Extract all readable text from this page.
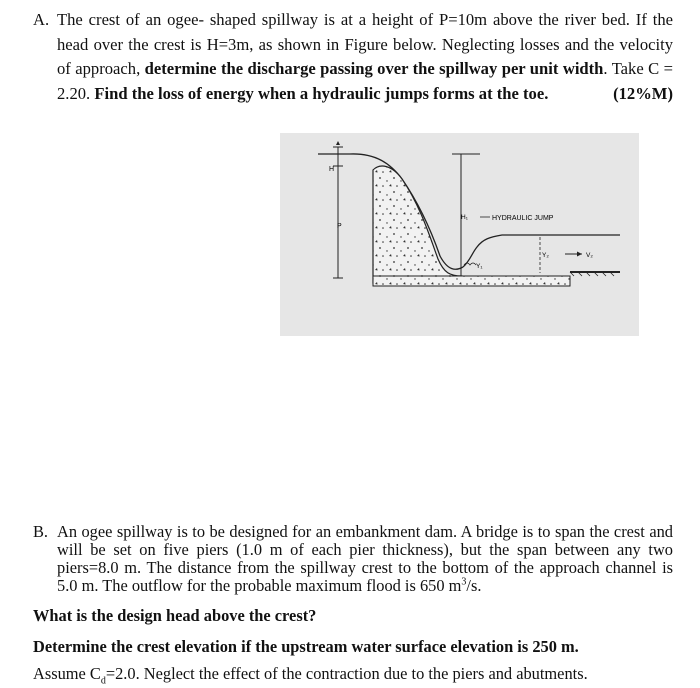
A. The crest of an ogee- shaped spillway is at a height of P=10m above the river bed. If the head over the crest is H=3m, as shown in Figure below. Neglecting losses and the velocity of approach, determine the discharge passing over the spillway per unit width. Take C = 2.20. Find the loss of energy when a hydraulic jumps forms at the toe.	(12%M)
H
P
H₁	HYDRAULIC JUMP
Y₁
Y₂	V₂
B. An ogee spillway is to be designed for an embankment dam. A bridge is to span the crest and will be set on five piers (1.0 m of each pier thickness), but the span between any two piers=8.0 m. The distance from the spillway crest to the bottom of the approach channel is 5.0 m. The outflow for the probable maximum flood is 650 $m^3/s$.
What is the design head above the crest?
Determine the crest elevation if the upstream water surface elevation is 250 m.
Assume $C_d=2.0$. Neglect the effect of the contraction due to the piers and abutments.
